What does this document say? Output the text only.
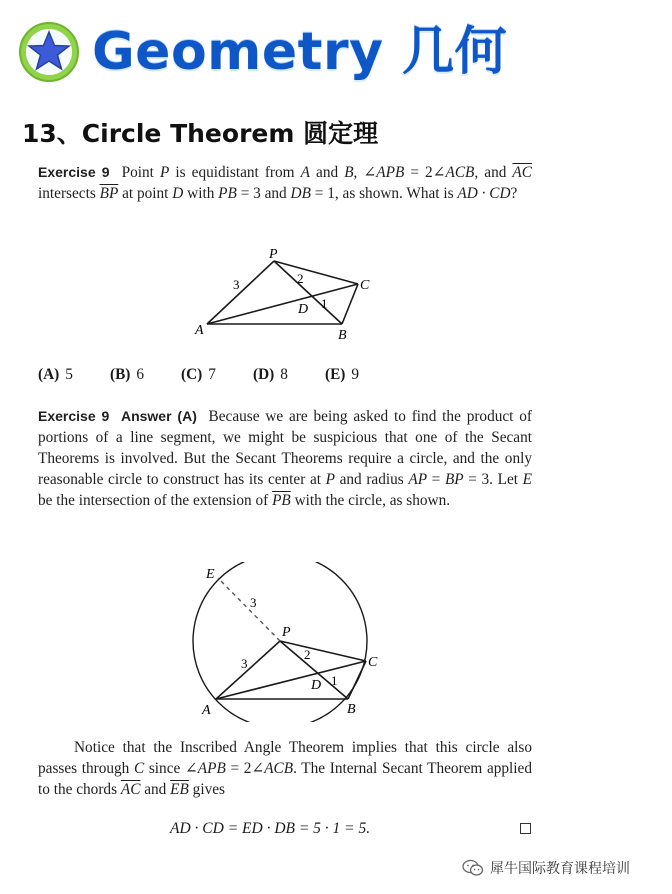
Geometry 几何
13、Circle Theorem 圆定理
Exercise 9 Point P is equidistant from A and B, ∠APB = 2∠ACB, and $\overline{AC}$ intersects $\overline{BP}$ at point D with PB = 3 and DB = 1, as shown. What is AD · CD?
P
A	B
C
D
3	2
1
(A) 5 (B) 6 (C) 7 (D) 8 (E) 9
Exercise 9 Answer (A) Because we are being asked to find the product of portions of a line segment, we might be suspicious that one of the Secant Theorems is involved. But the Secant Theorems require a circle, and the only reasonable circle to construct has its center at P and radius AP = BP = 3. Let E be the intersection of the extension of $\overline{PB}$ with the circle, as shown.
E
P
A	B
C
D
3
3
2
1
Notice that the Inscribed Angle Theorem implies that this circle also passes through C since ∠APB = 2∠ACB. The Internal Secant Theorem applied to the chords $\overline{AC}$ and $\overline{EB}$ gives
AD · CD = ED · DB = 5 · 1 = 5.
犀牛国际教育课程培训
